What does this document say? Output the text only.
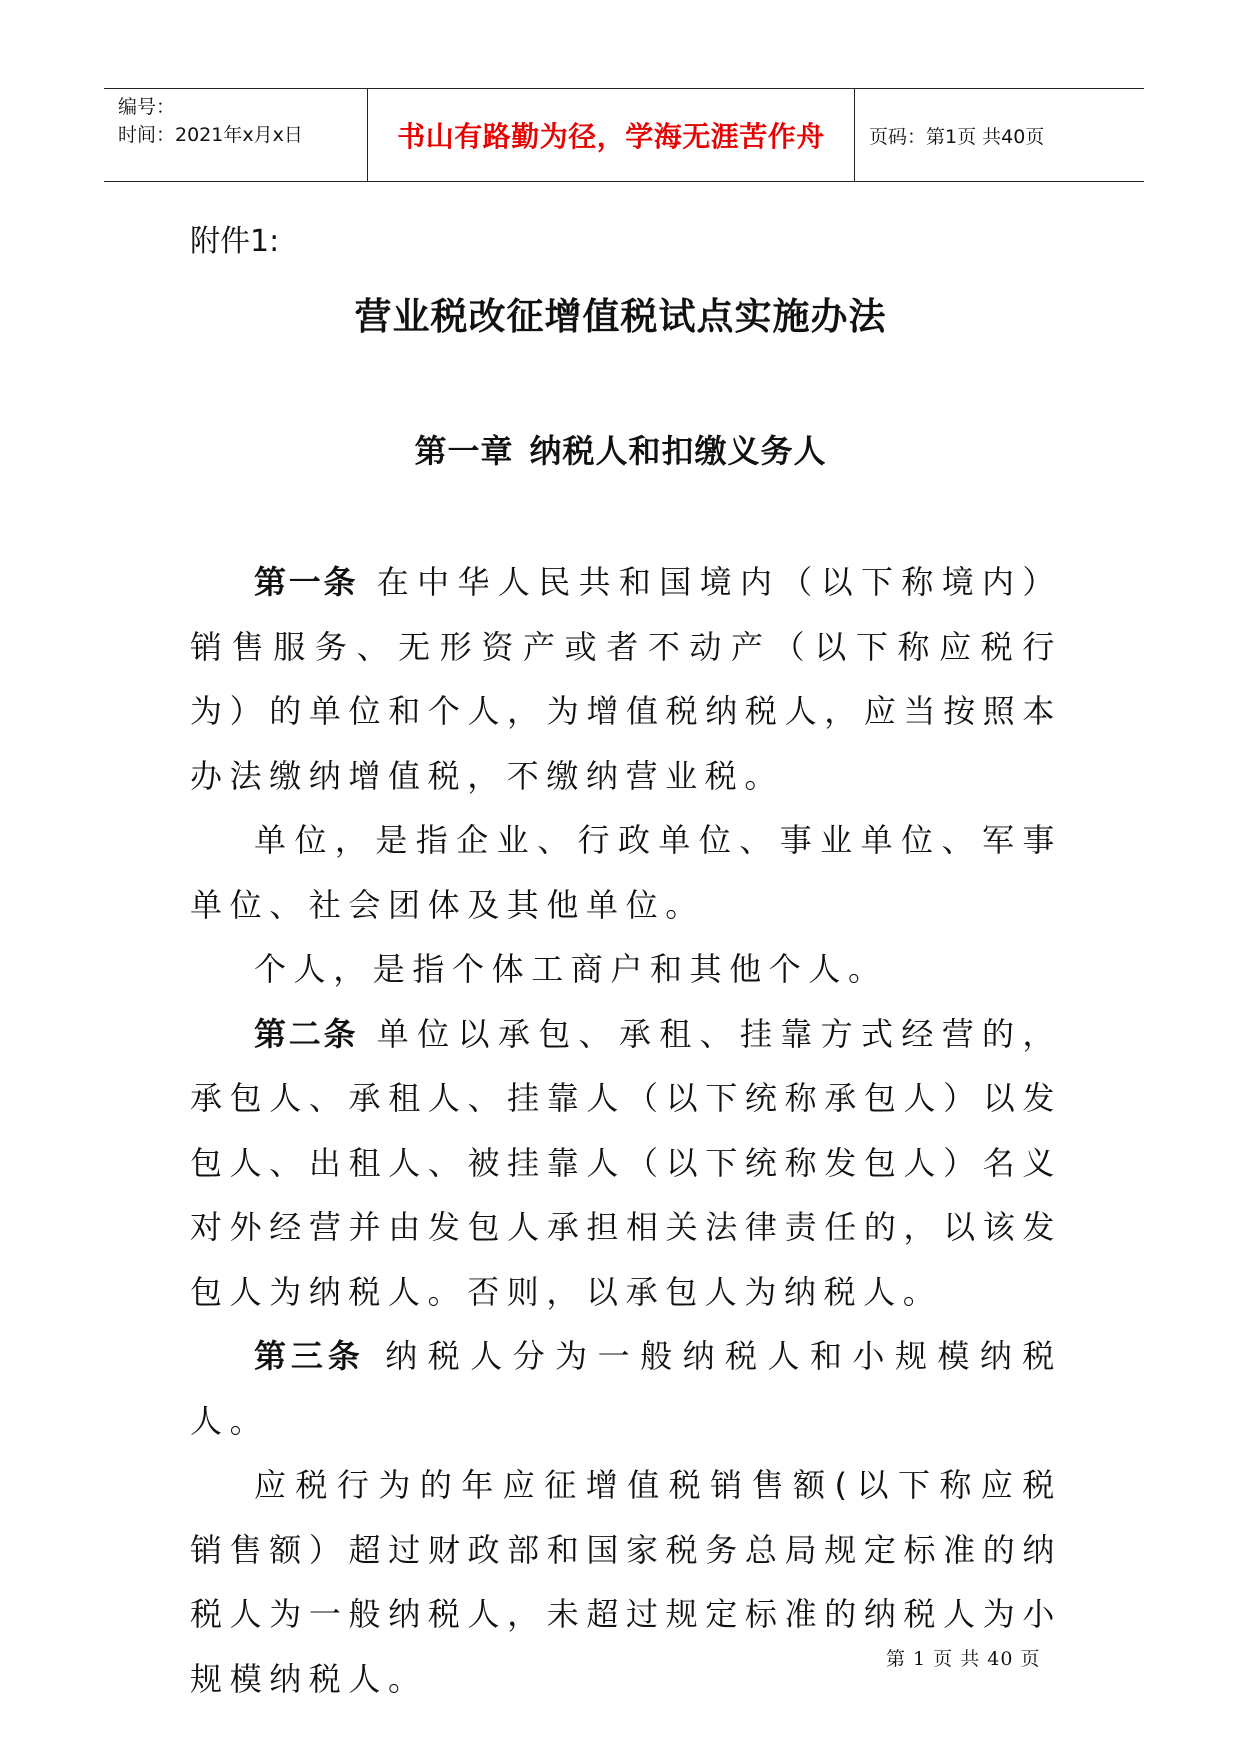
编号：
时间：2021年x月x日	书山有路勤为径，学海无涯苦作舟 页码：第1页 共40页
附件1:
营业税改征增值税试点实施办法
第一章 纳税人和扣缴义务人

第一条 在中华人民共和国境内（以下称境内）销售服务、无形资产或者不动产（以下称应税行为）的单位和个人，为增值税纳税人，应当按照本办法缴纳增值税，不缴纳营业税。

单位，是指企业、行政单位、事业单位、军事单位、社会团体及其他单位。

个人，是指个体工商户和其他个人。

第二条 单位以承包、承租、挂靠方式经营的，承包人、承租人、挂靠人（以下统称承包人）以发包人、出租人、被挂靠人（以下统称发包人）名义对外经营并由发包人承担相关法律责任的，以该发包人为纳税人。否则，以承包人为纳税人。

第三条 纳税人分为一般纳税人和小规模纳税人。

应税行为的年应征增值税销售额(以下称应税销售额）超过财政部和国家税务总局规定标准的纳税人为一般纳税人，未超过规定标准的纳税人为小规模纳税人。

第 1 页 共 40 页
